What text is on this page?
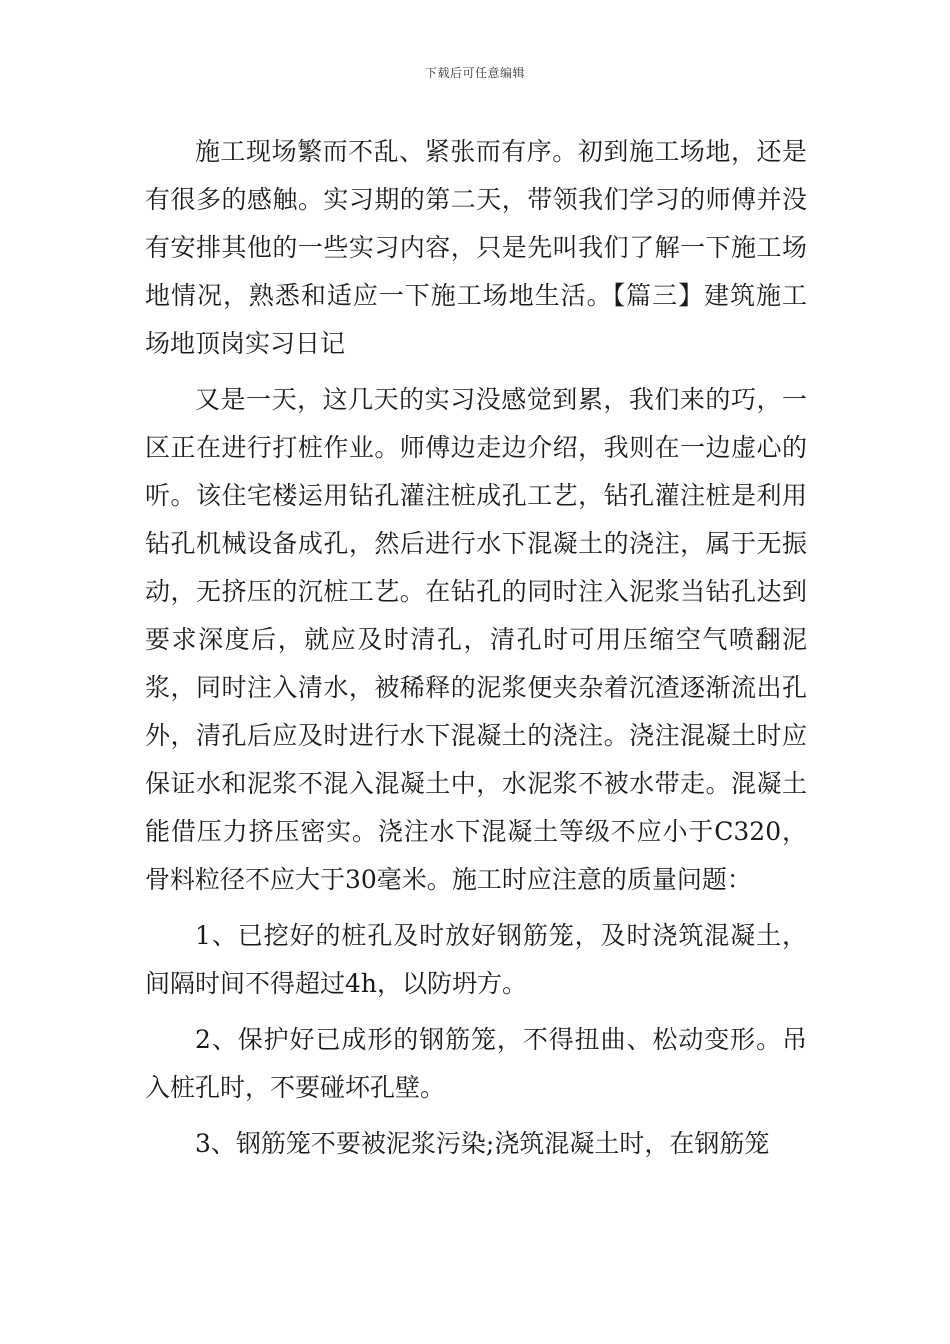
下载后可任意编辑

施工现场繁而不乱、紧张而有序。初到施工场地，还是有很多的感触。实习期的第二天，带领我们学习的师傅并没有安排其他的一些实习内容，只是先叫我们了解一下施工场地情况，熟悉和适应一下施工场地生活。【篇三】建筑施工场地顶岗实习日记

又是一天，这几天的实习没感觉到累，我们来的巧，一区正在进行打桩作业。师傅边走边介绍，我则在一边虚心的听。该住宅楼运用钻孔灌注桩成孔工艺，钻孔灌注桩是利用钻孔机械设备成孔，然后进行水下混凝土的浇注，属于无振动，无挤压的沉桩工艺。在钻孔的同时注入泥浆当钻孔达到要求深度后，就应及时清孔，清孔时可用压缩空气喷翻泥浆，同时注入清水，被稀释的泥浆便夹杂着沉渣逐渐流出孔外，清孔后应及时进行水下混凝土的浇注。浇注混凝土时应保证水和泥浆不混入混凝土中，水泥浆不被水带走。混凝土能借压力挤压密实。浇注水下混凝土等级不应小于C320，骨料粒径不应大于30毫米。施工时应注意的质量问题：

1、已挖好的桩孔及时放好钢筋笼，及时浇筑混凝土，间隔时间不得超过4h，以防坍方。

2、保护好已成形的钢筋笼，不得扭曲、松动变形。吊入桩孔时，不要碰坏孔壁。

3、钢筋笼不要被泥浆污染;浇筑混凝土时，在钢筋笼
